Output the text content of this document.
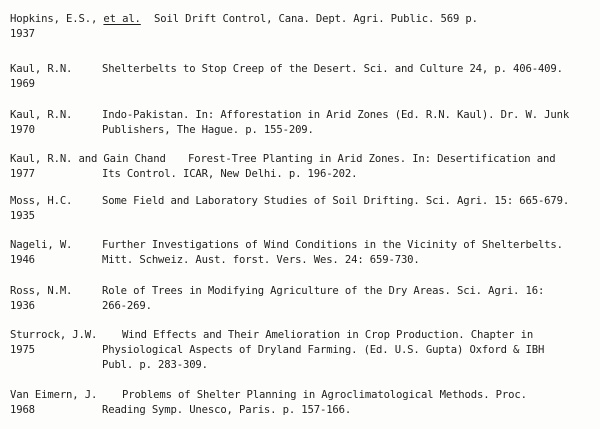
Hopkins, E.S., et al. Soil Drift Control, Cana. Dept. Agri. Public. 569 p.
1937
Kaul, R.N.	Shelterbelts to Stop Creep of the Desert. Sci. and Culture 24, p. 406-409.
1969
Kaul, R.N.	Indo-Pakistan. In: Afforestation in Arid Zones (Ed. R.N. Kaul). Dr. W. Junk
1970	Publishers, The Hague. p. 155-209.
Kaul, R.N. and Gain Chand Forest-Tree Planting in Arid Zones. In: Desertification and
1977	Its Control. ICAR, New Delhi. p. 196-202.
Moss, H.C.	Some Field and Laboratory Studies of Soil Drifting. Sci. Agri. 15: 665-679.
1935
Nageli, W.	Further Investigations of Wind Conditions in the Vicinity of Shelterbelts.
1946	Mitt. Schweiz. Aust. forst. Vers. Wes. 24: 659-730.
Ross, N.M.	Role of Trees in Modifying Agriculture of the Dry Areas. Sci. Agri. 16:
1936	266-269.
Sturrock, J.W. Wind Effects and Their Amelioration in Crop Production. Chapter in
1975	Physiological Aspects of Dryland Farming. (Ed. U.S. Gupta) Oxford & IBH
Publ. p. 283-309.
Van Eimern, J. Problems of Shelter Planning in Agroclimatological Methods. Proc.
1968	Reading Symp. Unesco, Paris. p. 157-166.
